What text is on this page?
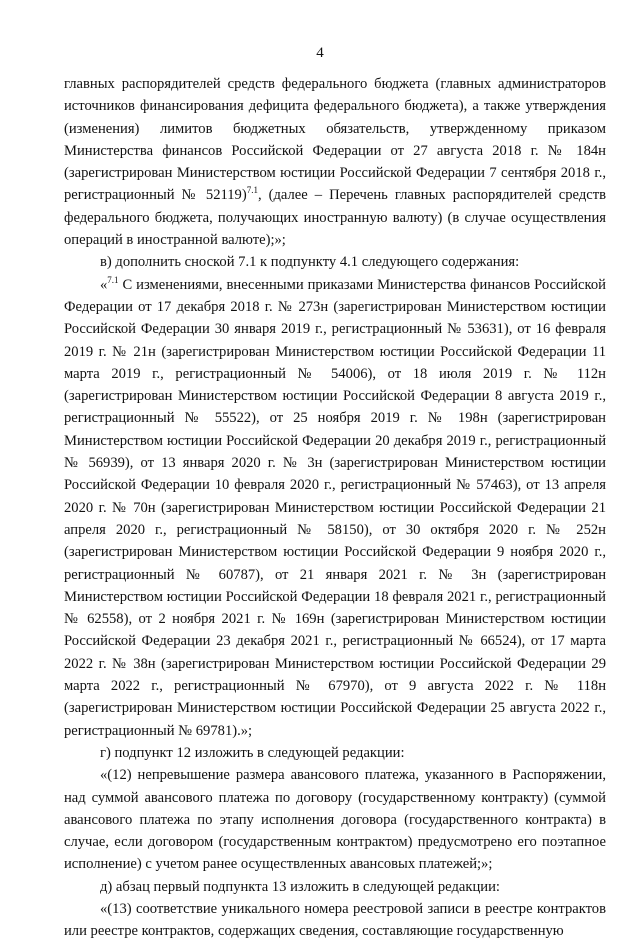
4

главных распорядителей средств федерального бюджета (главных администраторов источников финансирования дефицита федерального бюджета), а также утверждения (изменения) лимитов бюджетных обязательств, утвержденному приказом Министерства финансов Российской Федерации от 27 августа 2018 г. № 184н (зарегистрирован Министерством юстиции Российской Федерации 7 сентября 2018 г., регистрационный № 52119)$^{7.1}$, (далее – Перечень главных распорядителей средств федерального бюджета, получающих иностранную валюту) (в случае осуществления операций в иностранной валюте);»;

в) дополнить сноской 7.1 к подпункту 4.1 следующего содержания:

«$^{7.1}$ С изменениями, внесенными приказами Министерства финансов Российской Федерации от 17 декабря 2018 г. № 273н (зарегистрирован Министерством юстиции Российской Федерации 30 января 2019 г., регистрационный № 53631), от 16 февраля 2019 г. № 21н (зарегистрирован Министерством юстиции Российской Федерации 11 марта 2019 г., регистрационный № 54006), от 18 июля 2019 г. № 112н (зарегистрирован Министерством юстиции Российской Федерации 8 августа 2019 г., регистрационный № 55522), от 25 ноября 2019 г. № 198н (зарегистрирован Министерством юстиции Российской Федерации 20 декабря 2019 г., регистрационный № 56939), от 13 января 2020 г. № 3н (зарегистрирован Министерством юстиции Российской Федерации 10 февраля 2020 г., регистрационный № 57463), от 13 апреля 2020 г. № 70н (зарегистрирован Министерством юстиции Российской Федерации 21 апреля 2020 г., регистрационный № 58150), от 30 октября 2020 г. № 252н (зарегистрирован Министерством юстиции Российской Федерации 9 ноября 2020 г., регистрационный № 60787), от 21 января 2021 г. № 3н (зарегистрирован Министерством юстиции Российской Федерации 18 февраля 2021 г., регистрационный № 62558), от 2 ноября 2021 г. № 169н (зарегистрирован Министерством юстиции Российской Федерации 23 декабря 2021 г., регистрационный № 66524), от 17 марта 2022 г. № 38н (зарегистрирован Министерством юстиции Российской Федерации 29 марта 2022 г., регистрационный № 67970), от 9 августа 2022 г. № 118н (зарегистрирован Министерством юстиции Российской Федерации 25 августа 2022 г., регистрационный № 69781).»;

г) подпункт 12 изложить в следующей редакции:

«(12) непревышение размера авансового платежа, указанного в Распоряжении, над суммой авансового платежа по договору (государственному контракту) (суммой авансового платежа по этапу исполнения договора (государственного контракта) в случае, если договором (государственным контрактом) предусмотрено его поэтапное исполнение) с учетом ранее осуществленных авансовых платежей;»;

д) абзац первый подпункта 13 изложить в следующей редакции:

«(13) соответствие уникального номера реестровой записи в реестре контрактов или реестре контрактов, содержащих сведения, составляющие государственную
